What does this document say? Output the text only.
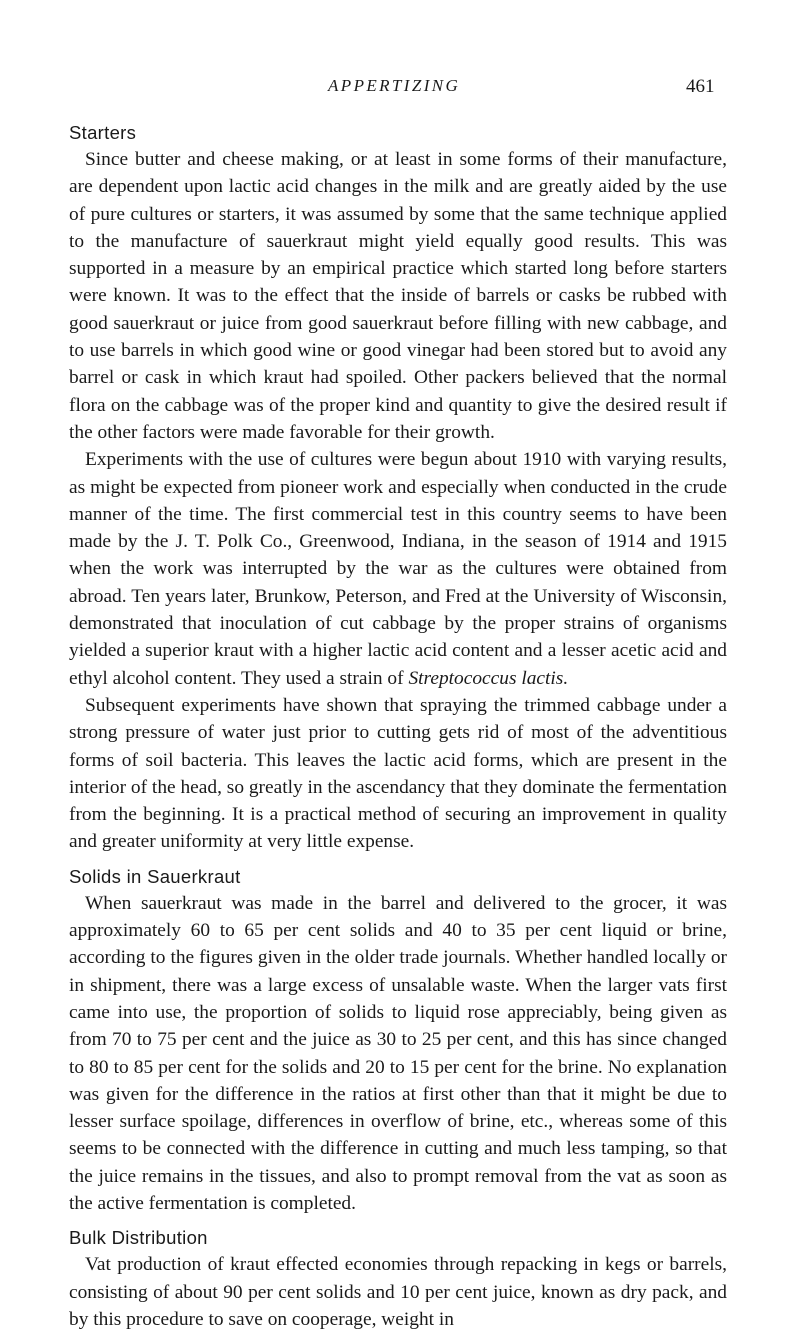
APPERTIZING	461
Starters

Since butter and cheese making, or at least in some forms of their manufacture, are dependent upon lactic acid changes in the milk and are greatly aided by the use of pure cultures or starters, it was assumed by some that the same technique applied to the manufacture of sauerkraut might yield equally good results. This was supported in a measure by an empirical practice which started long before starters were known. It was to the effect that the inside of barrels or casks be rubbed with good sauerkraut or juice from good sauerkraut before filling with new cabbage, and to use barrels in which good wine or good vinegar had been stored but to avoid any barrel or cask in which kraut had spoiled. Other packers believed that the normal flora on the cabbage was of the proper kind and quantity to give the desired result if the other factors were made favorable for their growth.

Experiments with the use of cultures were begun about 1910 with varying results, as might be expected from pioneer work and especially when conducted in the crude manner of the time. The first commercial test in this country seems to have been made by the J. T. Polk Co., Greenwood, Indiana, in the season of 1914 and 1915 when the work was interrupted by the war as the cultures were obtained from abroad. Ten years later, Brunkow, Peterson, and Fred at the University of Wisconsin, demonstrated that inoculation of cut cabbage by the proper strains of organisms yielded a superior kraut with a higher lactic acid content and a lesser acetic acid and ethyl alcohol content. They used a strain of Streptococcus lactis.

Subsequent experiments have shown that spraying the trimmed cabbage under a strong pressure of water just prior to cutting gets rid of most of the adventitious forms of soil bacteria. This leaves the lactic acid forms, which are present in the interior of the head, so greatly in the ascendancy that they dominate the fermentation from the beginning. It is a practical method of securing an improvement in quality and greater uniformity at very little expense.

Solids in Sauerkraut

When sauerkraut was made in the barrel and delivered to the grocer, it was approximately 60 to 65 per cent solids and 40 to 35 per cent liquid or brine, according to the figures given in the older trade journals. Whether handled locally or in shipment, there was a large excess of unsalable waste. When the larger vats first came into use, the proportion of solids to liquid rose appreciably, being given as from 70 to 75 per cent and the juice as 30 to 25 per cent, and this has since changed to 80 to 85 per cent for the solids and 20 to 15 per cent for the brine. No explanation was given for the difference in the ratios at first other than that it might be due to lesser surface spoilage, differences in overflow of brine, etc., whereas some of this seems to be connected with the difference in cutting and much less tamping, so that the juice remains in the tissues, and also to prompt removal from the vat as soon as the active fermentation is completed.

Bulk Distribution

Vat production of kraut effected economies through repacking in kegs or barrels, consisting of about 90 per cent solids and 10 per cent juice, known as dry pack, and by this procedure to save on cooperage, weight in
